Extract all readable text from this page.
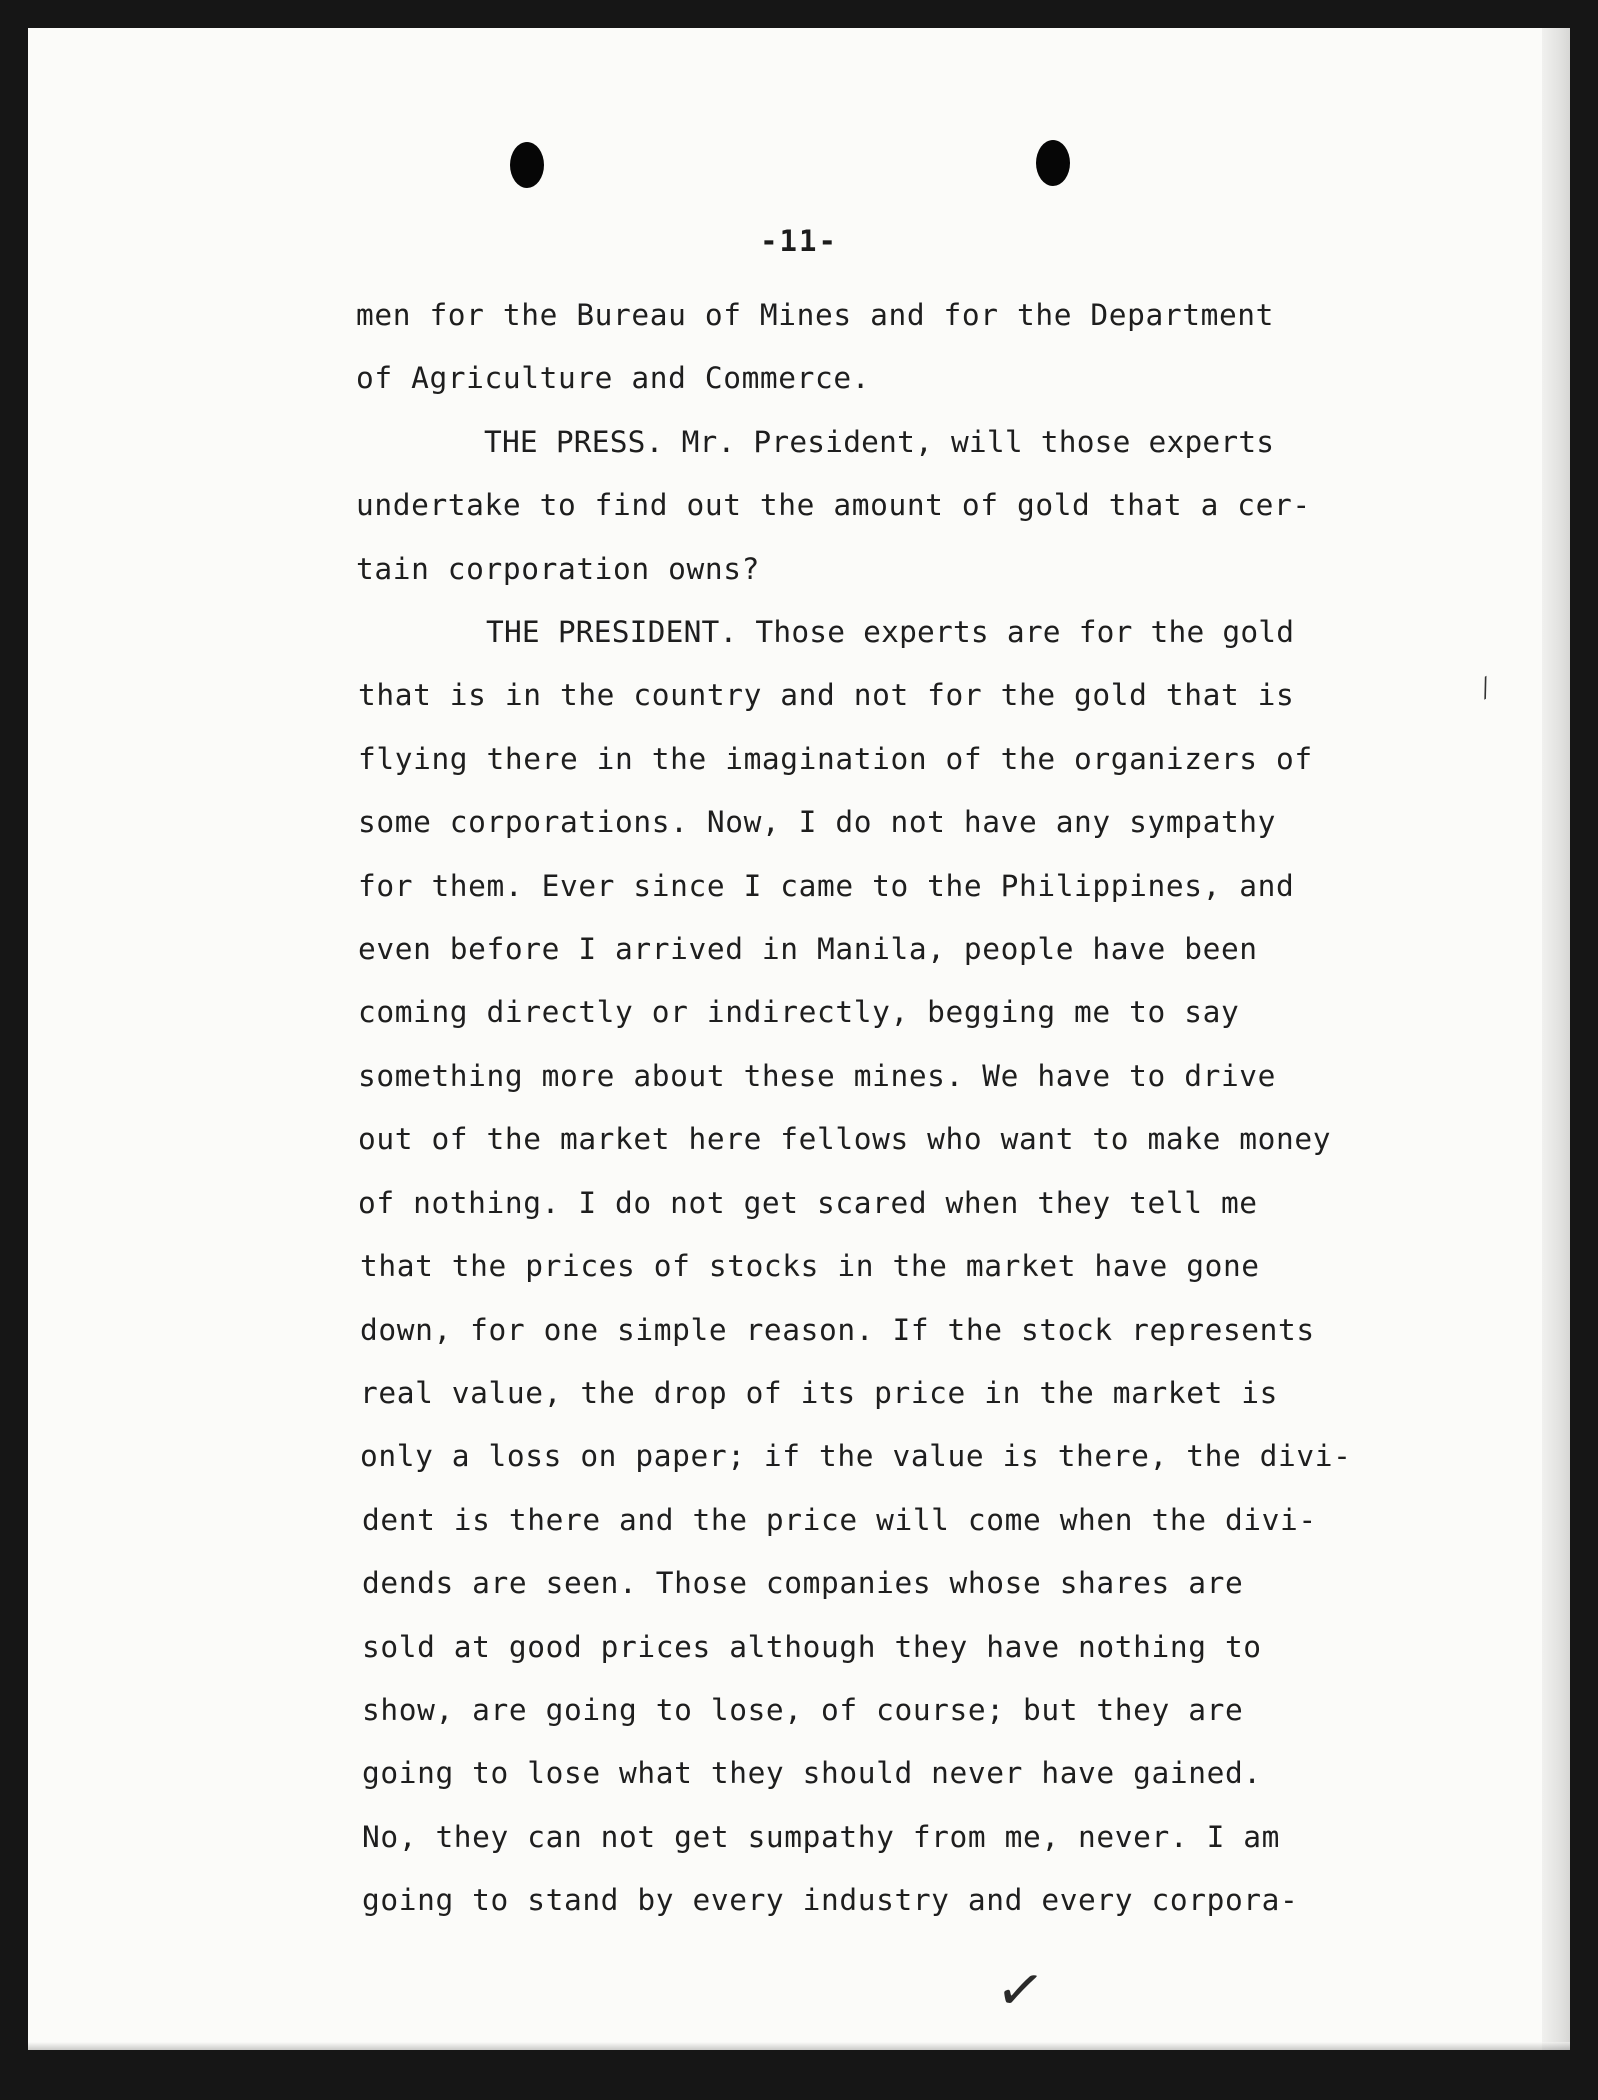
-11-
men for the Bureau of Mines and for the Department
of Agriculture and Commerce.
THE PRESS. Mr. President, will those experts
undertake to find out the amount of gold that a cer-
tain corporation owns?
THE PRESIDENT. Those experts are for the gold
that is in the country and not for the gold that is
flying there in the imagination of the organizers of
some corporations. Now, I do not have any sympathy
for them. Ever since I came to the Philippines, and
even before I arrived in Manila, people have been
coming directly or indirectly, begging me to say
something more about these mines. We have to drive
out of the market here fellows who want to make money
of nothing. I do not get scared when they tell me
that the prices of stocks in the market have gone
down, for one simple reason. If the stock represents
real value, the drop of its price in the market is
only a loss on paper; if the value is there, the divi-
dent is there and the price will come when the divi-
dends are seen. Those companies whose shares are
sold at good prices although they have nothing to
show, are going to lose, of course; but they are
going to lose what they should never have gained.
No, they can not get sumpathy from me, never. I am
going to stand by every industry and every corpora-
⁄
✓
